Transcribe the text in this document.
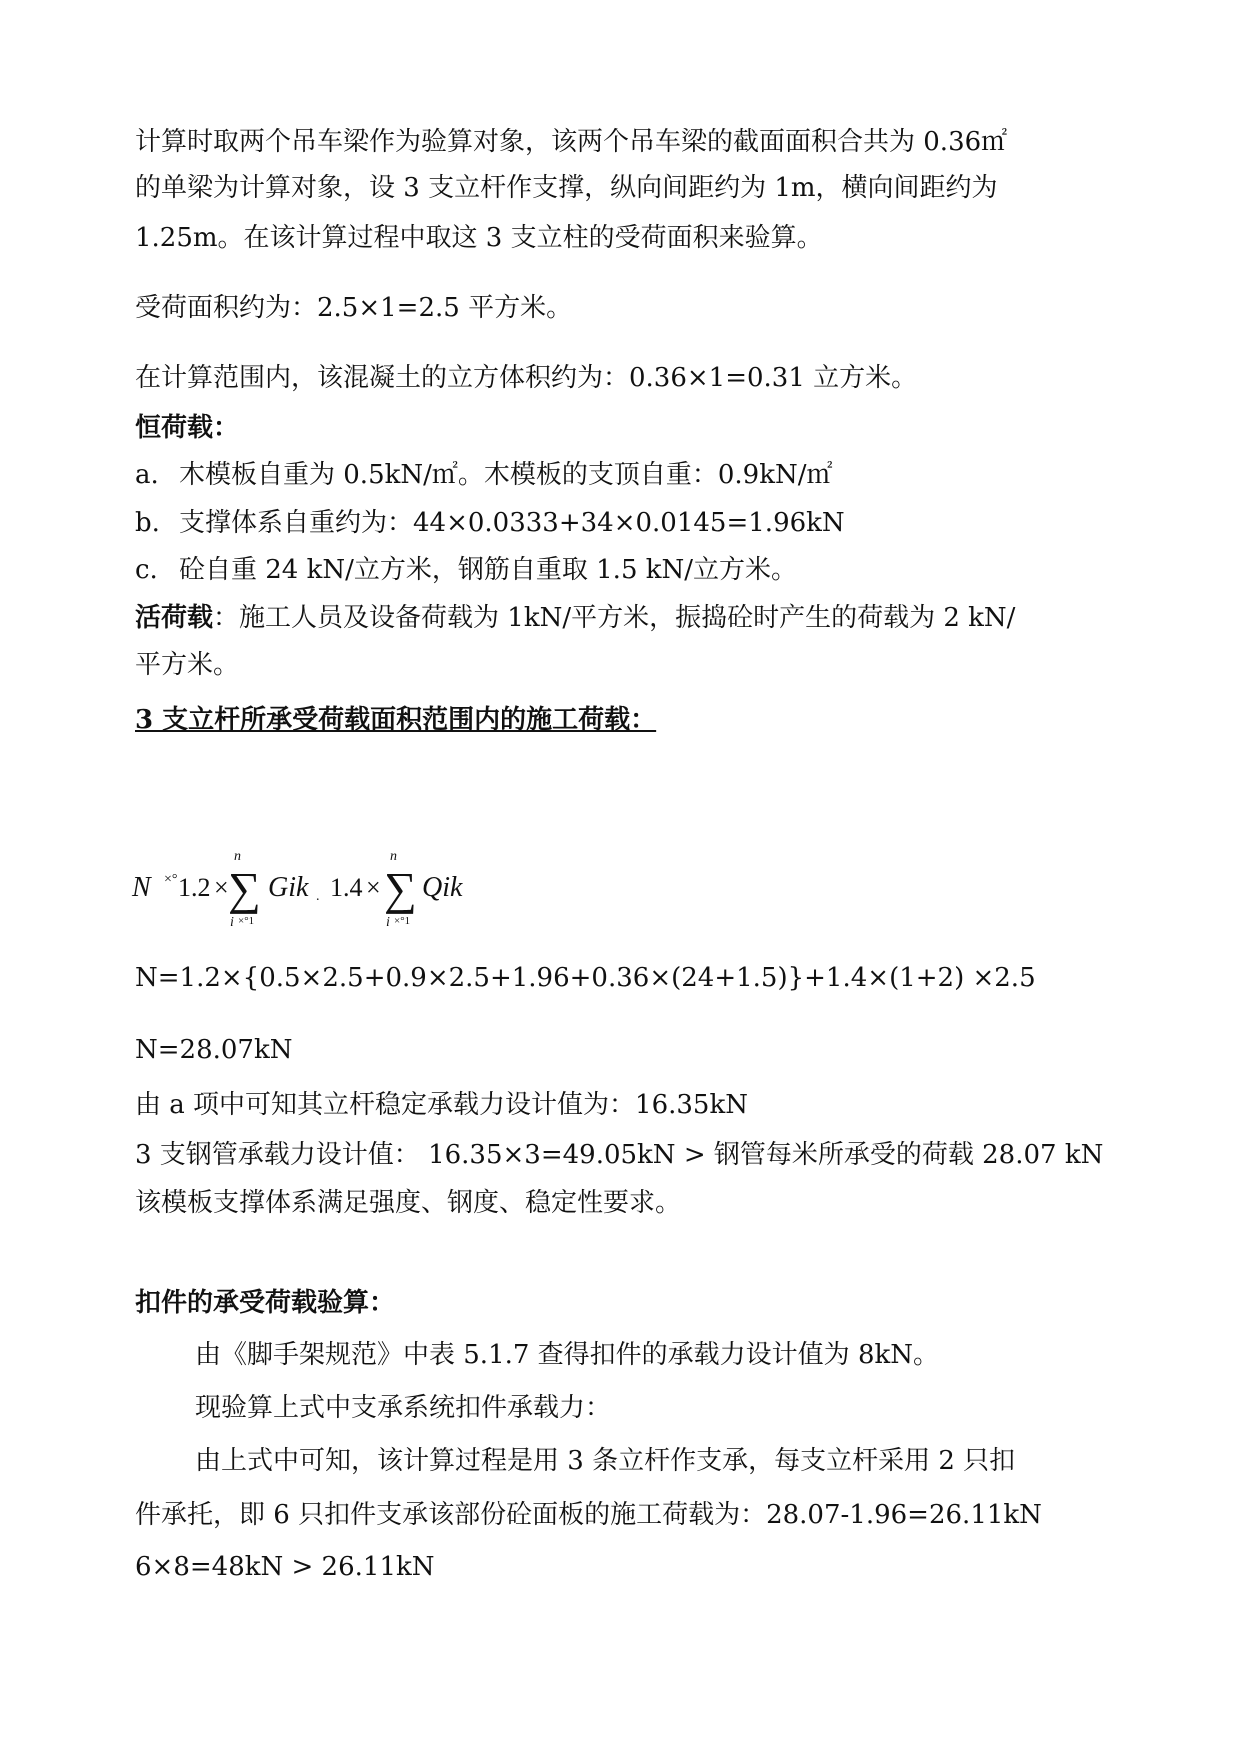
计算时取两个吊车梁作为验算对象，该两个吊车梁的截面面积合共为 0.36㎡
的单梁为计算对象，设 3 支立杆作支撑，纵向间距约为 1m，横向间距约为
1.25m。在该计算过程中取这 3 支立柱的受荷面积来验算。
受荷面积约为：2.5×1=2.5 平方米。
在计算范围内，该混凝土的立方体积约为：0.36×1=0.31 立方米。
恒荷载：
a. 木模板自重为 0.5kN/㎡。木模板的支顶自重：0.9kN/㎡
b. 支撑体系自重约为：44×0.0333+34×0.0145=1.96kN
c. 砼自重 24 kN/立方米，钢筋自重取 1.5 kN/立方米。
活荷载：施工人员及设备荷载为 1kN/平方米，振捣砼时产生的荷载为 2 kN/
平方米。
3 支立杆所承受荷载面积范围内的施工荷载：
N ×° 1.2 ×
n
∑
i ×°1
Gik . 1.4 ×
n
∑
i ×°1
Qik
N=1.2×{0.5×2.5+0.9×2.5+1.96+0.36×(24+1.5)}+1.4×(1+2) ×2.5
N=28.07kN
由 a 项中可知其立杆稳定承载力设计值为：16.35kN
3 支钢管承载力设计值： 16.35×3=49.05kN > 钢管每米所承受的荷载 28.07 kN
该模板支撑体系满足强度、钢度、稳定性要求。
扣件的承受荷载验算：
由《脚手架规范》中表 5.1.7 查得扣件的承载力设计值为 8kN。
现验算上式中支承系统扣件承载力：
由上式中可知，该计算过程是用 3 条立杆作支承，每支立杆采用 2 只扣
件承托，即 6 只扣件支承该部份砼面板的施工荷载为：28.07-1.96=26.11kN
6×8=48kN > 26.11kN
